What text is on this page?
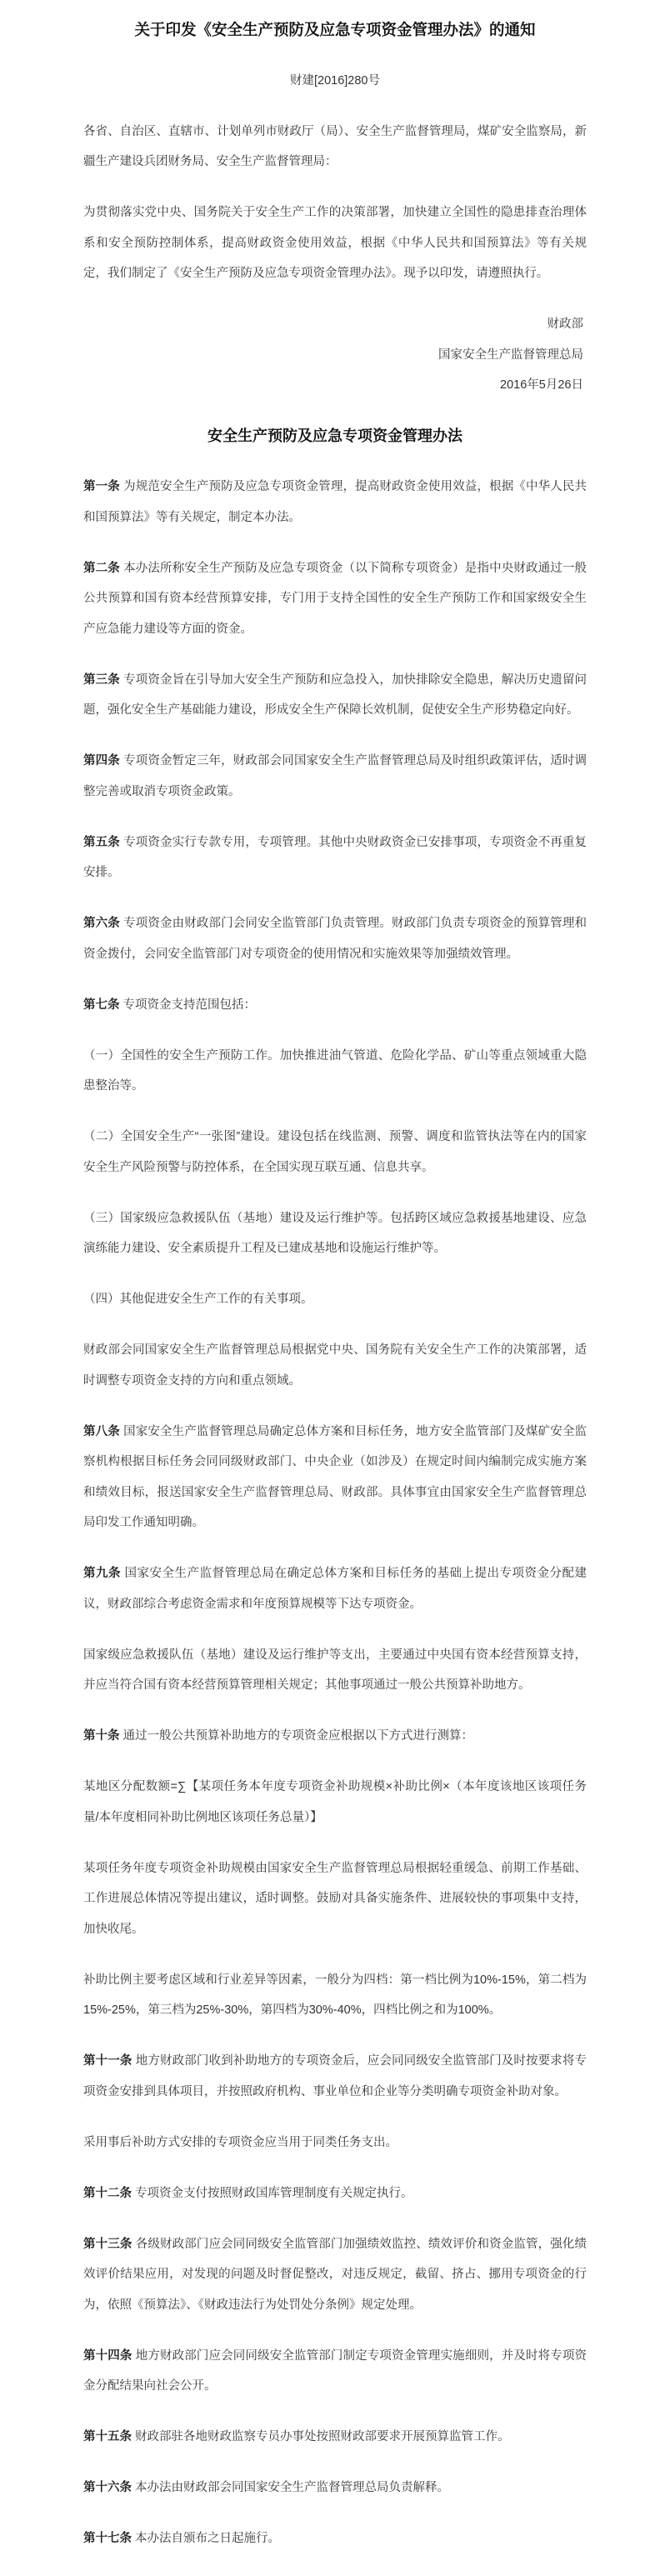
关于印发《安全生产预防及应急专项资金管理办法》的通知
财建[2016]280号

各省、自治区、直辖市、计划单列市财政厅（局）、安全生产监督管理局，煤矿安全监察局，新疆生产建设兵团财务局、安全生产监督管理局：

为贯彻落实党中央、国务院关于安全生产工作的决策部署，加快建立全国性的隐患排查治理体系和安全预防控制体系，提高财政资金使用效益，根据《中华人民共和国预算法》等有关规定，我们制定了《安全生产预防及应急专项资金管理办法》。现予以印发，请遵照执行。

财政部
国家安全生产监督管理总局
2016年5月26日
安全生产预防及应急专项资金管理办法

第一条 为规范安全生产预防及应急专项资金管理，提高财政资金使用效益，根据《中华人民共和国预算法》等有关规定，制定本办法。

第二条 本办法所称安全生产预防及应急专项资金（以下简称专项资金）是指中央财政通过一般公共预算和国有资本经营预算安排，专门用于支持全国性的安全生产预防工作和国家级安全生产应急能力建设等方面的资金。

第三条 专项资金旨在引导加大安全生产预防和应急投入，加快排除安全隐患，解决历史遗留问题，强化安全生产基础能力建设，形成安全生产保障长效机制，促使安全生产形势稳定向好。

第四条 专项资金暂定三年，财政部会同国家安全生产监督管理总局及时组织政策评估，适时调整完善或取消专项资金政策。

第五条 专项资金实行专款专用，专项管理。其他中央财政资金已安排事项，专项资金不再重复安排。

第六条 专项资金由财政部门会同安全监管部门负责管理。财政部门负责专项资金的预算管理和资金拨付，会同安全监管部门对专项资金的使用情况和实施效果等加强绩效管理。

第七条 专项资金支持范围包括：

（一）全国性的安全生产预防工作。加快推进油气管道、危险化学品、矿山等重点领域重大隐患整治等。

（二）全国安全生产“一张图”建设。建设包括在线监测、预警、调度和监管执法等在内的国家安全生产风险预警与防控体系，在全国实现互联互通、信息共享。

（三）国家级应急救援队伍（基地）建设及运行维护等。包括跨区域应急救援基地建设、应急演练能力建设、安全素质提升工程及已建成基地和设施运行维护等。

（四）其他促进安全生产工作的有关事项。

财政部会同国家安全生产监督管理总局根据党中央、国务院有关安全生产工作的决策部署，适时调整专项资金支持的方向和重点领域。

第八条 国家安全生产监督管理总局确定总体方案和目标任务，地方安全监管部门及煤矿安全监察机构根据目标任务会同同级财政部门、中央企业（如涉及）在规定时间内编制完成实施方案和绩效目标，报送国家安全生产监督管理总局、财政部。具体事宜由国家安全生产监督管理总局印发工作通知明确。

第九条 国家安全生产监督管理总局在确定总体方案和目标任务的基础上提出专项资金分配建议，财政部综合考虑资金需求和年度预算规模等下达专项资金。

国家级应急救援队伍（基地）建设及运行维护等支出，主要通过中央国有资本经营预算支持，并应当符合国有资本经营预算管理相关规定；其他事项通过一般公共预算补助地方。

第十条 通过一般公共预算补助地方的专项资金应根据以下方式进行测算：

某地区分配数额=∑【某项任务本年度专项资金补助规模×补助比例×（本年度该地区该项任务量/本年度相同补助比例地区该项任务总量）】

某项任务年度专项资金补助规模由国家安全生产监督管理总局根据轻重缓急、前期工作基础、工作进展总体情况等提出建议，适时调整。鼓励对具备实施条件、进展较快的事项集中支持，加快收尾。

补助比例主要考虑区域和行业差异等因素，一般分为四档：第一档比例为10%-15%，第二档为15%-25%，第三档为25%-30%，第四档为30%-40%，四档比例之和为100%。

第十一条 地方财政部门收到补助地方的专项资金后，应会同同级安全监管部门及时按要求将专项资金安排到具体项目，并按照政府机构、事业单位和企业等分类明确专项资金补助对象。

采用事后补助方式安排的专项资金应当用于同类任务支出。

第十二条 专项资金支付按照财政国库管理制度有关规定执行。

第十三条 各级财政部门应会同同级安全监管部门加强绩效监控、绩效评价和资金监管，强化绩效评价结果应用，对发现的问题及时督促整改，对违反规定，截留、挤占、挪用专项资金的行为，依照《预算法》、《财政违法行为处罚处分条例》规定处理。

第十四条 地方财政部门应会同同级安全监管部门制定专项资金管理实施细则，并及时将专项资金分配结果向社会公开。

第十五条 财政部驻各地财政监察专员办事处按照财政部要求开展预算监管工作。

第十六条 本办法由财政部会同国家安全生产监督管理总局负责解释。

第十七条 本办法自颁布之日起施行。
